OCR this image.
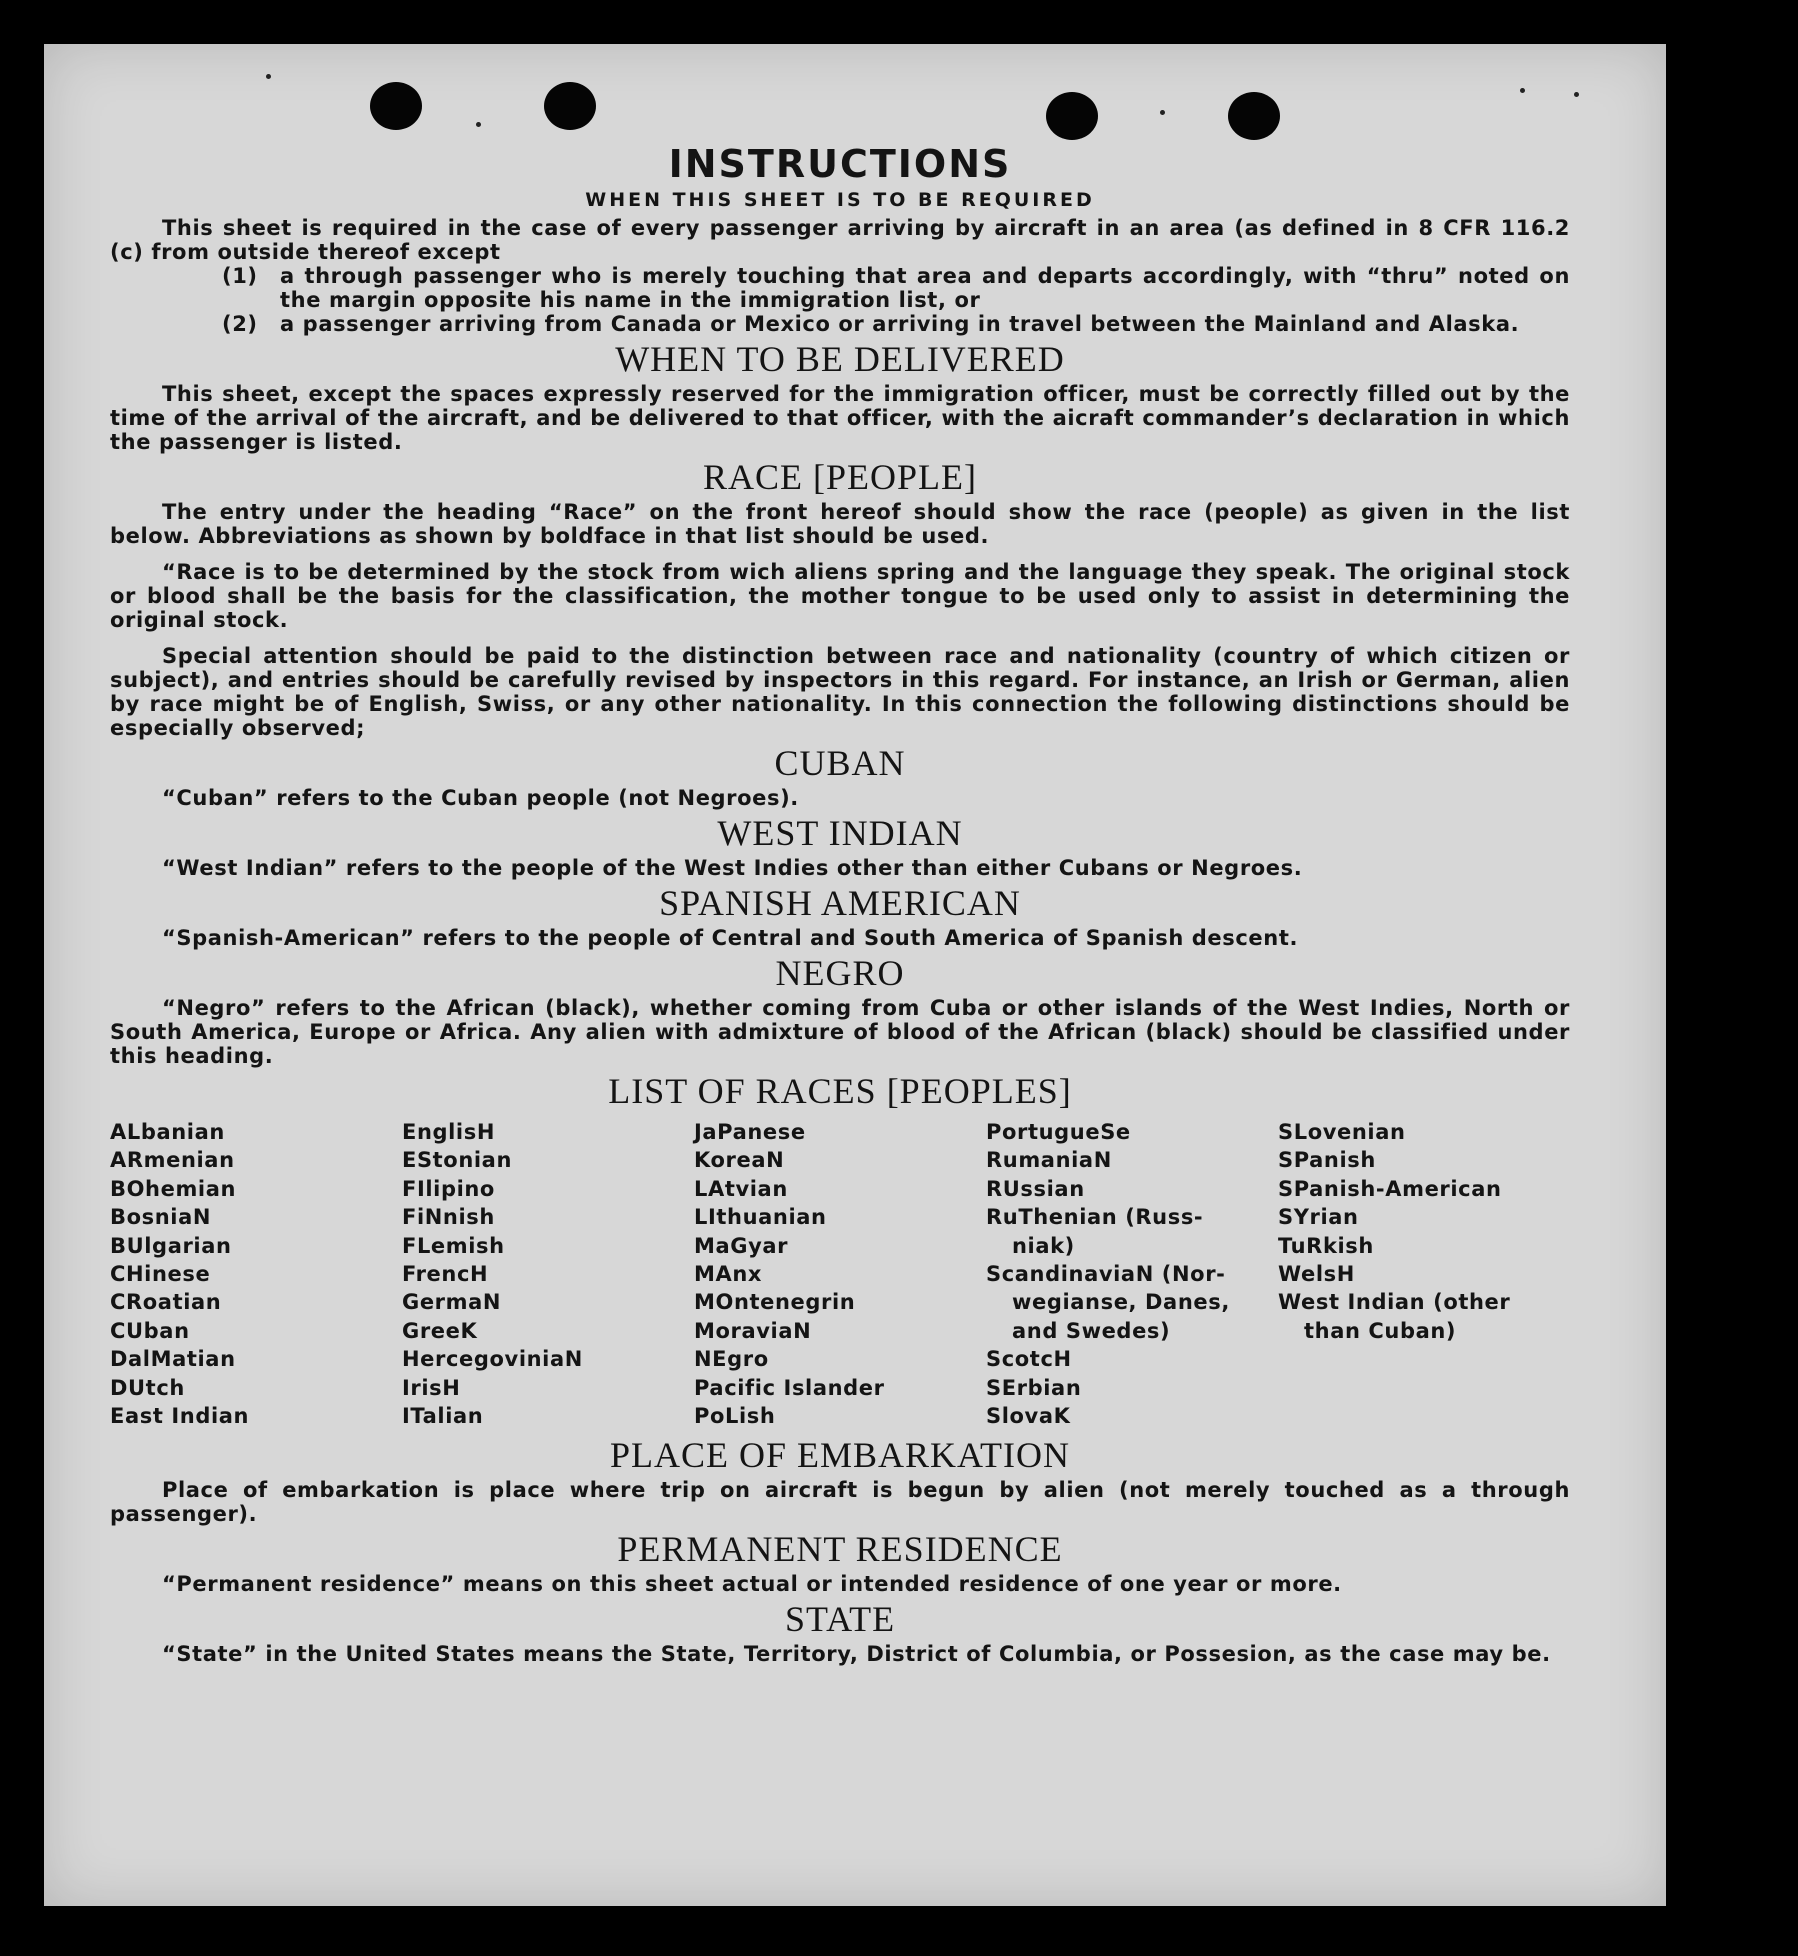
INSTRUCTIONS
WHEN THIS SHEET IS TO BE REQUIRED

This sheet is required in the case of every passenger arriving by aircraft in an area (as defined in 8 CFR 116.2 (c) from outside thereof except

(1)	a through passenger who is merely touching that area and departs accordingly, with “thru” noted on the margin opposite his name in the immigration list, or
(2)	a passenger arriving from Canada or Mexico or arriving in travel between the Mainland and Alaska.
WHEN TO BE DELIVERED

This sheet, except the spaces expressly reserved for the immigration officer, must be correctly filled out by the time of the arrival of the aircraft, and be delivered to that officer, with the aicraft commander’s declaration in which the passenger is listed.

RACE [PEOPLE]

The entry under the heading “Race” on the front hereof should show the race (people) as given in the list below. Abbreviations as shown by boldface in that list should be used.

“Race is to be determined by the stock from wich aliens spring and the language they speak. The original stock or blood shall be the basis for the classification, the mother tongue to be used only to assist in determining the original stock.

Special attention should be paid to the distinction between race and nationality (country of which citizen or subject), and entries should be carefully revised by inspectors in this regard. For instance, an Irish or German, alien by race might be of English, Swiss, or any other nationality. In this connection the following distinctions should be especially observed;

CUBAN

“Cuban” refers to the Cuban people (not Negroes).

WEST INDIAN

“West Indian” refers to the people of the West Indies other than either Cubans or Negroes.

SPANISH AMERICAN

“Spanish-American” refers to the people of Central and South America of Spanish descent.

NEGRO

“Negro” refers to the African (black), whether coming from Cuba or other islands of the West Indies, North or South America, Europe or Africa. Any alien with admixture of blood of the African (black) should be classified under this heading.

LIST OF RACES [PEOPLES]
ALbanian
ARmenian
BOhemian
BosniaN
BUlgarian
CHinese
CRoatian
CUban
DalMatian
DUtch
East Indian
EnglisH
EStonian
FIlipino
FiNnish
FLemish
FrencH
GermaN
GreeK
HercegoviniaN
IrisH
ITalian
JaPanese
KoreaN
LAtvian
LIthuanian
MaGyar
MAnx
MOntenegrin
MoraviaN
NEgro
Pacific Islander
PoLish
PortugueSe
RumaniaN
RUssian
RuThenian (Russ-
niak)
ScandinaviaN (Nor-
wegianse, Danes,
and Swedes)
ScotcH
SErbian
SlovaK
SLovenian
SPanish
SPanish-American
SYrian
TuRkish
WelsH
West Indian (other
than Cuban)
PLACE OF EMBARKATION

Place of embarkation is place where trip on aircraft is begun by alien (not merely touched as a through passenger).

PERMANENT RESIDENCE

“Permanent residence” means on this sheet actual or intended residence of one year or more.

STATE

“State” in the United States means the State, Territory, District of Columbia, or Possesion, as the case may be.
